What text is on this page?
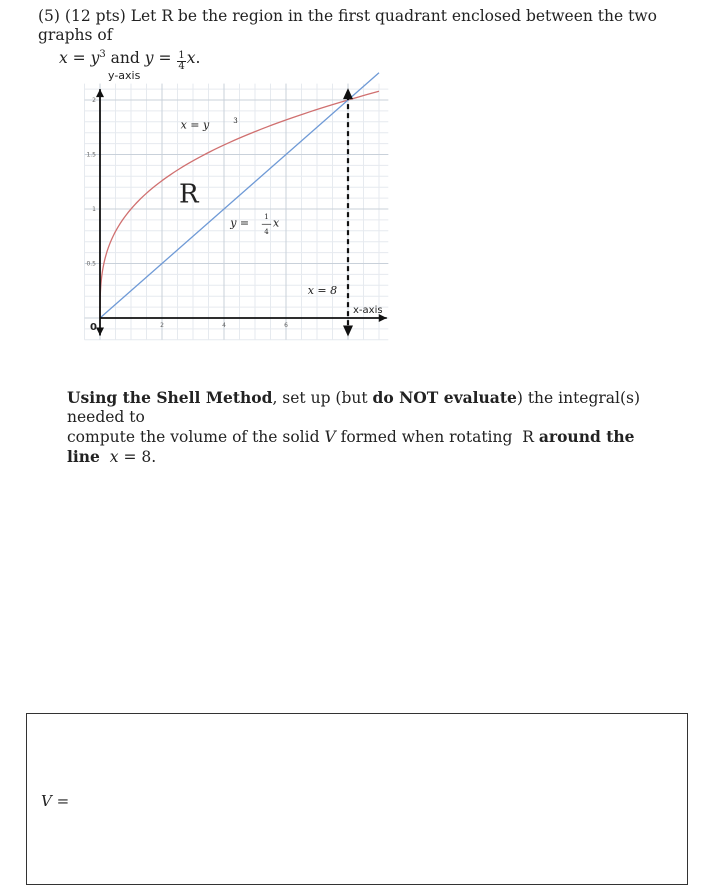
(5) (12 pts) Let R be the region in the first quadrant enclosed between the two graphs of
$x = y^3$ and $y = \frac{1}{4} x$.
2	4	6
0.5
1
1.5
2
y-axis
x-axis
0
R
x = y	3
y = 1
4
x
x = 8
Using the Shell Method, set up (but do NOT evaluate) the integral(s) needed to
compute the volume of the solid V formed when rotating  R around the line x = 8.
V =
